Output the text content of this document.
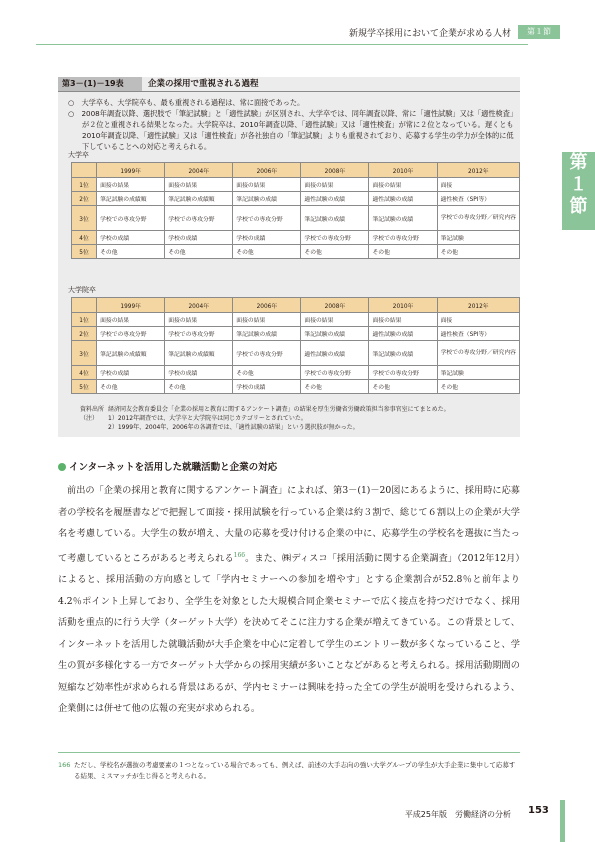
新規学卒採用において企業が求める人材	第１節
第
１
節
第3－(1)－19表	企業の採用で重視される過程

○　大学卒も、大学院卒も、最も重視される過程は、常に面接であった。

○　2008年調査以降、選択肢で「筆記試験」と「適性試験」が区別され、大学卒では、同年調査以降、常に「適性試験」又は「適性検査」が２位と重視される結果となった。大学院卒は、2010年調査以降、「適性試験」又は「適性検査」が常に２位となっている。遅くとも2010年調査以降、「適性試験」又は「適性検査」が各社独自の「筆記試験」よりも重視されており、応募する学生の学力が全体的に低下していることへの対応と考えられる。

大学卒
	1999年	2004年	2006年	2008年	2010年	2012年
1位	面接の結果	面接の結果	面接の結果	面接の結果	面接の結果	面接
2位	筆記試験の成績順	筆記試験の成績順	筆記試験の成績	適性試験の成績	適性試験の成績	適性検査（SPI等）
3位	学校での専攻分野	学校での専攻分野	学校での専攻分野	筆記試験の成績	筆記試験の成績	学校での専攻分野／研究内容
4位	学校の成績	学校の成績	学校の成績	学校での専攻分野	学校での専攻分野	筆記試験
5位	その他	その他	その他	その他	その他	その他
大学院卒
	1999年	2004年	2006年	2008年	2010年	2012年
1位	面接の結果	面接の結果	面接の結果	面接の結果	面接の結果	面接
2位	学校での専攻分野	学校での専攻分野	筆記試験の成績	筆記試験の成績	適性試験の成績	適性検査（SPI等）
3位	筆記試験の成績順	筆記試験の成績順	学校での専攻分野	適性試験の成績	筆記試験の成績	学校での専攻分野／研究内容
4位	学校の成績	学校の成績	その他	学校での専攻分野	学校での専攻分野	筆記試験
5位	その他	その他	学校の成績	その他	その他	その他
資料出所 経済同友会教育委員会「企業の採用と教育に関するアンケート調査」の結果を厚生労働省労働政策担当参事官室にてまとめた。
（注）	1）2012年調査では、大学卒と大学院卒は同じカテゴリーとされていた。
2）1999年、2004年、2006年の各調査では、「適性試験の結果」という選択肢が無かった。
インターネットを活用した就職活動と企業の対応
前出の「企業の採用と教育に関するアンケート調査」によれば、第3－(1)－20図にあるように、採用時に応募者の学校名を履歴書などで把握して面接・採用試験を行っている企業は約３割で、総じて６割以上の企業が大学名を考慮している。大学生の数が増え、大量の応募を受け付ける企業の中に、応募学生の学校名を選抜に当たって考慮しているところがあると考えられる$^{166}$。また、㈱ディスコ「採用活動に関する企業調査」（2012年12月）によると、採用活動の方向感として「学内セミナーへの参加を増やす」とする企業割合が52.8％と前年より4.2％ポイント上昇しており、全学生を対象とした大規模合同企業セミナーで広く接点を持つだけでなく、採用活動を重点的に行う大学（ターゲット大学）を決めてそこに注力する企業が増えてきている。この背景として、インターネットを活用した就職活動が大手企業を中心に定着して学生のエントリー数が多くなっていること、学生の質が多様化する一方でターゲット大学からの採用実績が多いことなどがあると考えられる。採用活動期間の短縮など効率性が求められる背景はあるが、学内セミナーは興味を持った全ての学生が説明を受けられるよう、企業側には併せて他の広報の充実が求められる。
166 ただし、学校名が選抜の考慮要素の１つとなっている場合であっても、例えば、前述の大手志向の強い大学グループの学生が大手企業に集中して応募する結果、ミスマッチが生じ得ると考えられる。
平成25年版　労働経済の分析 153
